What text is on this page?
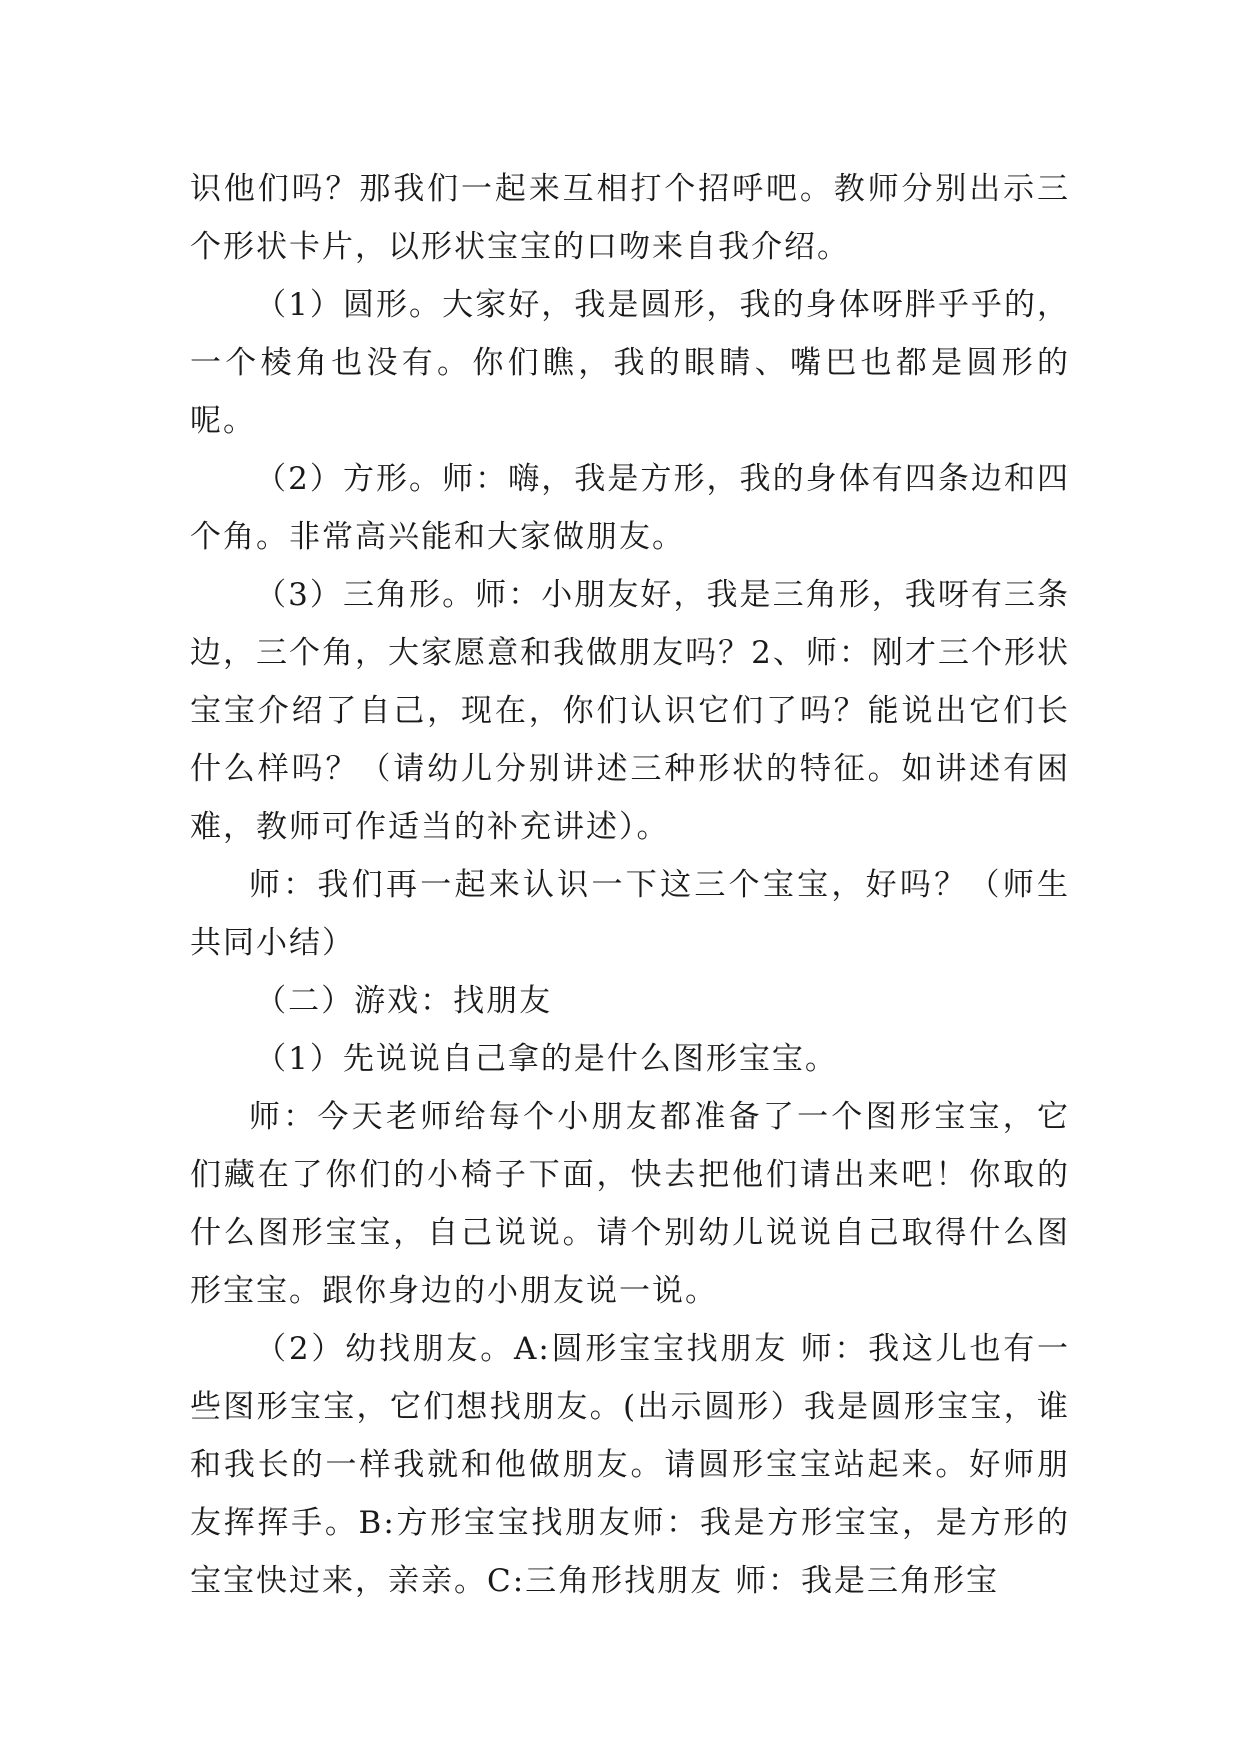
识他们吗？那我们一起来互相打个招呼吧。教师分别出示三个形状卡片，以形状宝宝的口吻来自我介绍。

（1）圆形。大家好，我是圆形，我的身体呀胖乎乎的，一个棱角也没有。你们瞧，我的眼睛、嘴巴也都是圆形的呢。

（2）方形。师：嗨，我是方形，我的身体有四条边和四个角。非常高兴能和大家做朋友。

（3）三角形。师：小朋友好，我是三角形，我呀有三条边，三个角，大家愿意和我做朋友吗？2、师：刚才三个形状宝宝介绍了自己，现在，你们认识它们了吗？能说出它们长什么样吗？（请幼儿分别讲述三种形状的特征。如讲述有困难，教师可作适当的补充讲述）。

师：我们再一起来认识一下这三个宝宝，好吗？（师生共同小结）

（二）游戏：找朋友

（1）先说说自己拿的是什么图形宝宝。

师：今天老师给每个小朋友都准备了一个图形宝宝，它们藏在了你们的小椅子下面，快去把他们请出来吧！你取的什么图形宝宝，自己说说。请个别幼儿说说自己取得什么图形宝宝。跟你身边的小朋友说一说。

（2）幼找朋友。A:圆形宝宝找朋友 师：我这儿也有一些图形宝宝，它们想找朋友。(出示圆形）我是圆形宝宝，谁和我长的一样我就和他做朋友。请圆形宝宝站起来。好师朋友挥挥手。B:方形宝宝找朋友师：我是方形宝宝，是方形的宝宝快过来，亲亲。C:三角形找朋友 师：我是三角形宝
